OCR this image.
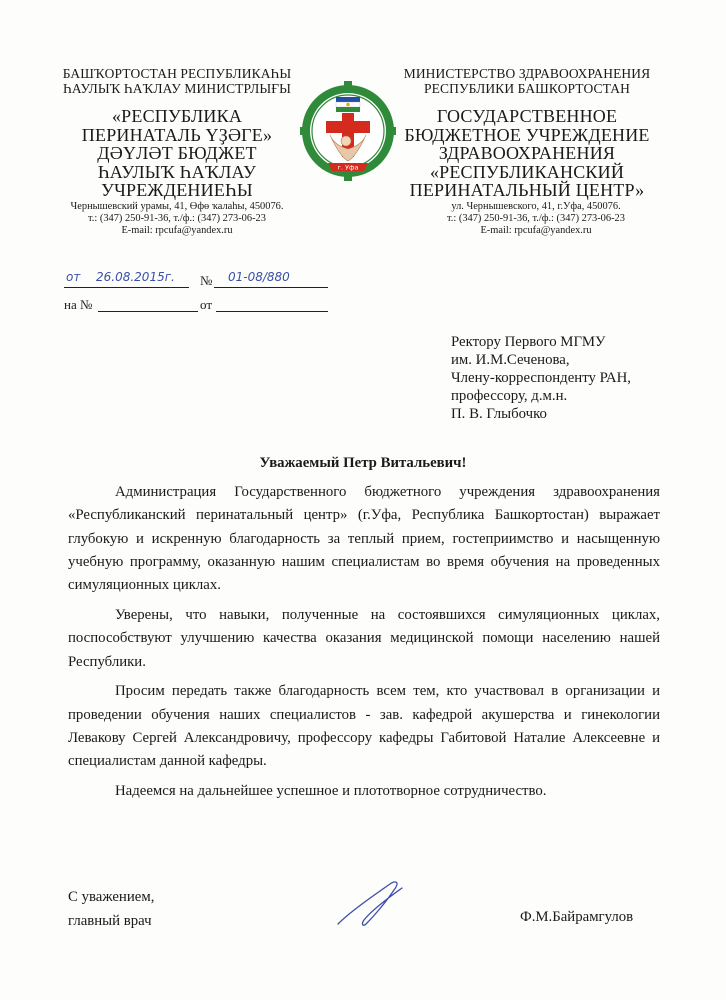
БАШҠОРТОСТАН РЕСПУБЛИКАҺЫ
ҺАУЛЫҠ ҺАҠЛАУ МИНИСТРЛЫҒЫ
«РЕСПУБЛИКА
ПЕРИНАТАЛЬ ҮҘӘГЕ»
ДӘҮЛӘТ БЮДЖЕТ
ҺАУЛЫҠ ҺАҠЛАУ
УЧРЕЖДЕНИЕҺЫ
Чернышевский урамы, 41, Өфө ҡалаһы, 450076.
т.: (347) 250-91-36, т./ф.: (347) 273-06-23
E-mail: rpcufa@yandex.ru
г. Уфа
МИНИСТЕРСТВО ЗДРАВООХРАНЕНИЯ
РЕСПУБЛИКИ БАШКОРТОСТАН
ГОСУДАРСТВЕННОЕ
БЮДЖЕТНОЕ УЧРЕЖДЕНИЕ
ЗДРАВООХРАНЕНИЯ
«РЕСПУБЛИКАНСКИЙ
ПЕРИНАТАЛЬНЫЙ ЦЕНТР»
ул. Чернышевского, 41, г.Уфа, 450076.
т.: (347) 250-91-36, т./ф.: (347) 273-06-23
E-mail: rpcufa@yandex.ru
от 26.08.2015г. № 01-08/880
на №	от
Ректору Первого МГМУ
им. И.М.Сеченова,
Члену-корреспонденту РАН,
профессору, д.м.н.
П. В. Глыбочко
Уважаемый Петр Витальевич!

Администрация Государственного бюджетного учреждения здравоохранения «Республиканский перинатальный центр» (г.Уфа, Республика Башкортостан) выражает глубокую и искренную благодарность за теплый прием, гостеприимство и насыщенную учебную программу, оказанную нашим специалистам во время обучения на проведенных симуляционных циклах.

Уверены, что навыки, полученные на состоявшихся симуляционных циклах, поспособствуют улучшению качества оказания медицинской помощи населению нашей Республики.

Просим передать также благодарность всем тем, кто участвовал в организации и проведении обучения наших специалистов - зав. кафедрой акушерства и гинекологии Левакову Сергей Александровичу, профессору кафедры Габитовой Наталие Алексеевне и специалистам данной кафедры.

Надеемся на дальнейшее успешное и плототворное сотрудничество.

С уважением,
главный врач	Ф.М.Байрамгулов
